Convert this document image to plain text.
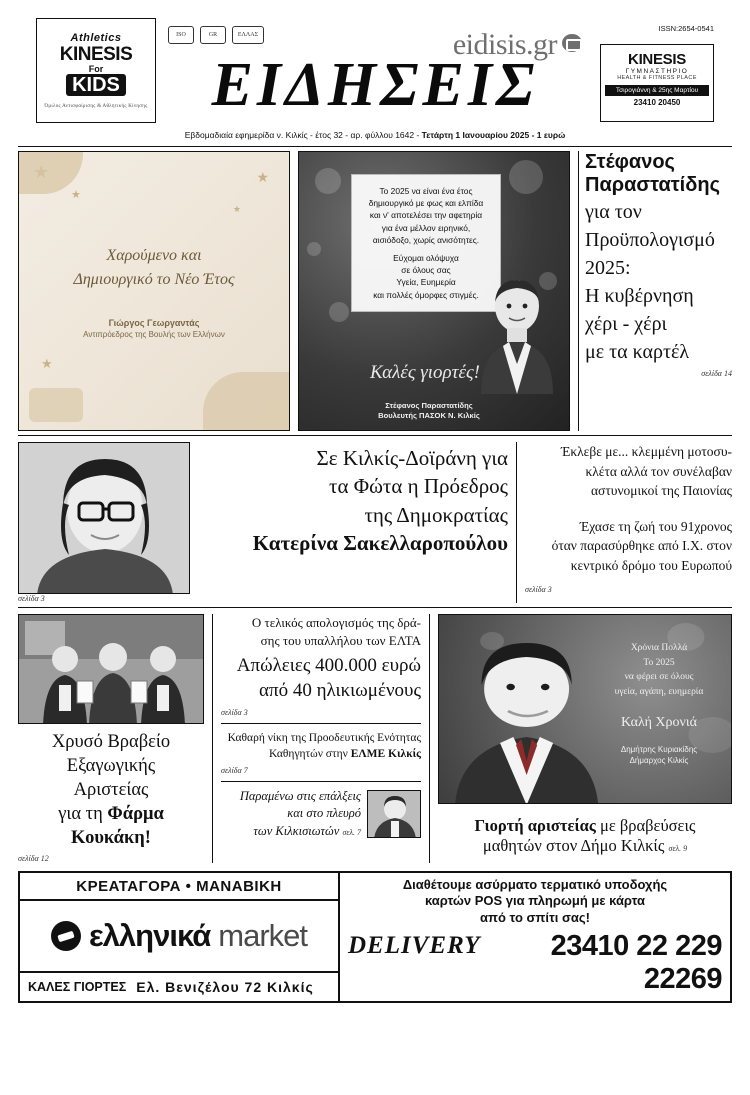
Athletics
KINESIS
For
KIDS
Όμιλος Αντισφαίρισης & Αθλητικής Κίνησης
ISO	GR	ΕΛΛΑΣ	eidisis.gr	ISSN:2654-0541
KINESIS
ΓΥΜΝΑΣΤΗΡΙΟ
HEALTH & FITNESS PLACE
Τσιρογιάννη & 25ης Μαρτίου
23410 20450
ΕΙΔΗΣΕΙΣ
Εβδομαδιαία εφημερίδα ν. Κιλκίς - έτος 32 - αρ. φύλλου 1642 - Τετάρτη 1 Ιανουαρίου 2025 - 1 ευρώ
★
★
★
★
Χαρούμενο και
Δημιουργικό το Νέο Έτος
Γιώργος Γεωργαντάς
Αντιπρόεδρος της Βουλής των Ελλήνων
Το 2025 να είναι ένα έτος
δημιουργικό με φως και ελπίδα
και ν' αποτελέσει την αφετηρία
για ένα μέλλον ειρηνικό,
αισιόδοξο, χωρίς ανισότητες.
Εύχομαι ολόψυχα
σε όλους σας
Υγεία, Ευημερία
και πολλές όμορφες στιγμές.
Καλές γιορτές!
Στέφανος Παραστατίδης
Βουλευτής ΠΑΣΟΚ Ν. Κιλκίς
Στέφανος
Παραστατίδης
για τον
Προϋπολογισμό
2025:
Η κυβέρνηση
χέρι - χέρι
με τα καρτέλ
σελίδα 14
σελίδα 3
Σε Κιλκίς-Δοϊράνη για
τα Φώτα η Πρόεδρος
της Δημοκρατίας
Κατερίνα Σακελλαροπούλου
Έκλεβε με... κλεμμένη μοτοσυ-
κλέτα αλλά τον συνέλαβαν
αστυνομικοί της Παιονίας
Έχασε τη ζωή του 91χρονος
όταν παρασύρθηκε από Ι.Χ. στον
κεντρικό δρόμο του Ευρωπού
σελίδα 3
Χρυσό Βραβείο
Εξαγωγικής
Αριστείας
για τη Φάρμα
Κουκάκη!
σελίδα 12
Ο τελικός απολογισμός της δρά-
σης του υπαλλήλου των ΕΛΤΑ
Απώλειες 400.000 ευρώ
από 40 ηλικιωμένους
σελίδα 3
Καθαρή νίκη της Προοδευτικής Ενότητας
Καθηγητών στην ΕΛΜΕ Κιλκίς
σελίδα 7
Παραμένω στις επάλξεις
και στο πλευρό
των Κιλκισιωτών σελ. 7
Χρόνια Πολλά
Το 2025
να φέρει σε όλους
υγεία, αγάπη, ευημερία
Καλή Χρονιά
Δημήτρης Κυριακίδης
Δήμαρχος Κιλκίς
Γιορτή αριστείας με βραβεύσεις
μαθητών στον Δήμο Κιλκίς σελ. 9
ΚΡΕΑΤΑΓΟΡΑ • ΜΑΝΑΒΙΚΗ
ελληνικά market
ΚΑΛΕΣ ΓΙΟΡΤΕΣ Ελ. Βενιζέλου 72 Κιλκίς
Διαθέτουμε ασύρματο τερματικό υποδοχής
καρτών POS για πληρωμή με κάρτα
από το σπίτι σας!
DELIVERY 23410 22 229
22269
